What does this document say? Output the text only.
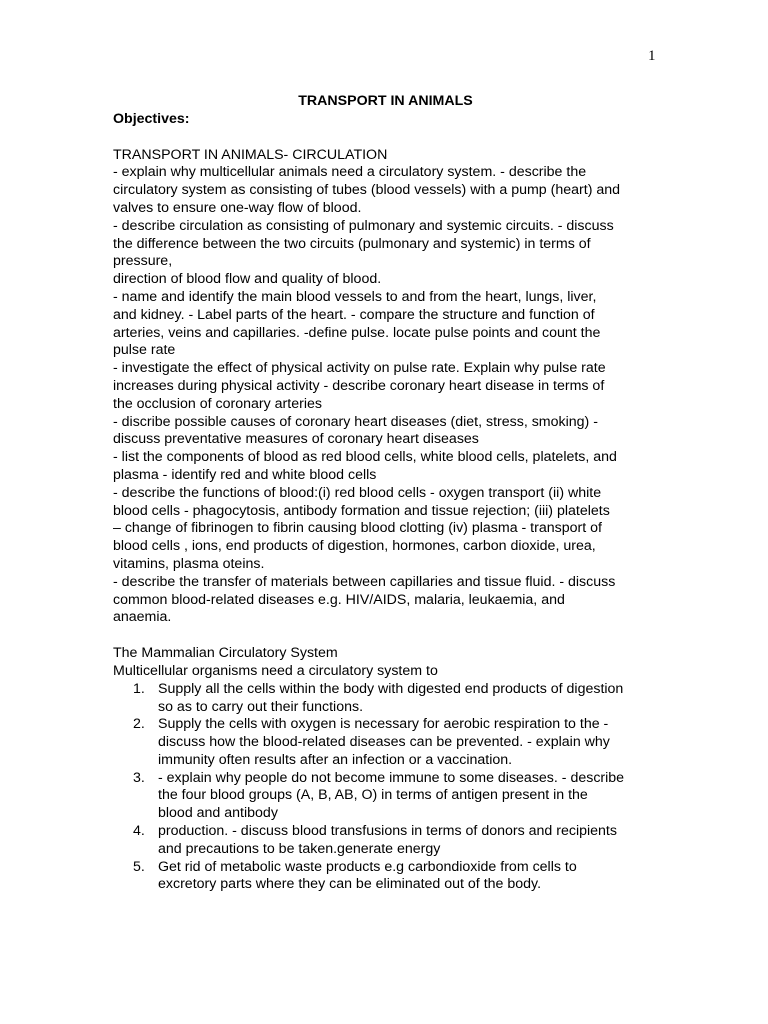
1
TRANSPORT IN ANIMALS
Objectives:
TRANSPORT IN ANIMALS- CIRCULATION
- explain why multicellular animals need a circulatory system. - describe the
circulatory system as consisting of tubes (blood vessels) with a pump (heart) and
valves to ensure one-way flow of blood.
- describe circulation as consisting of pulmonary and systemic circuits. - discuss
the difference between the two circuits (pulmonary and systemic) in terms of
pressure,
direction of blood flow and quality of blood.
- name and identify the main blood vessels to and from the heart, lungs, liver,
and kidney. - Label parts of the heart. - compare the structure and function of
arteries, veins and capillaries. -define pulse. locate pulse points and count the
pulse rate
- investigate the effect of physical activity on pulse rate. Explain why pulse rate
increases during physical activity - describe coronary heart disease in terms of
the occlusion of coronary arteries
- discribe possible causes of coronary heart diseases (diet, stress, smoking) -
discuss preventative measures of coronary heart diseases
- list the components of blood as red blood cells, white blood cells, platelets, and
plasma - identify red and white blood cells
- describe the functions of blood:(i) red blood cells - oxygen transport (ii) white
blood cells - phagocytosis, antibody formation and tissue rejection; (iii) platelets
– change of fibrinogen to fibrin causing blood clotting (iv) plasma - transport of
blood cells , ions, end products of digestion, hormones, carbon dioxide, urea,
vitamins, plasma oteins.
- describe the transfer of materials between capillaries and tissue fluid. - discuss
common blood-related diseases e.g. HIV/AIDS, malaria, leukaemia, and
anaemia.
The Mammalian Circulatory System
Multicellular organisms need a circulatory system to
1. Supply all the cells within the body with digested end products of digestion
so as to carry out their functions.
2. Supply the cells with oxygen is necessary for aerobic respiration to the -
discuss how the blood-related diseases can be prevented. - explain why
immunity often results after an infection or a vaccination.
3. - explain why people do not become immune to some diseases. - describe
the four blood groups (A, B, AB, O) in terms of antigen present in the
blood and antibody
4. production. - discuss blood transfusions in terms of donors and recipients
and precautions to be taken.generate energy
5. Get rid of metabolic waste products e.g carbondioxide from cells to
excretory parts where they can be eliminated out of the body.
